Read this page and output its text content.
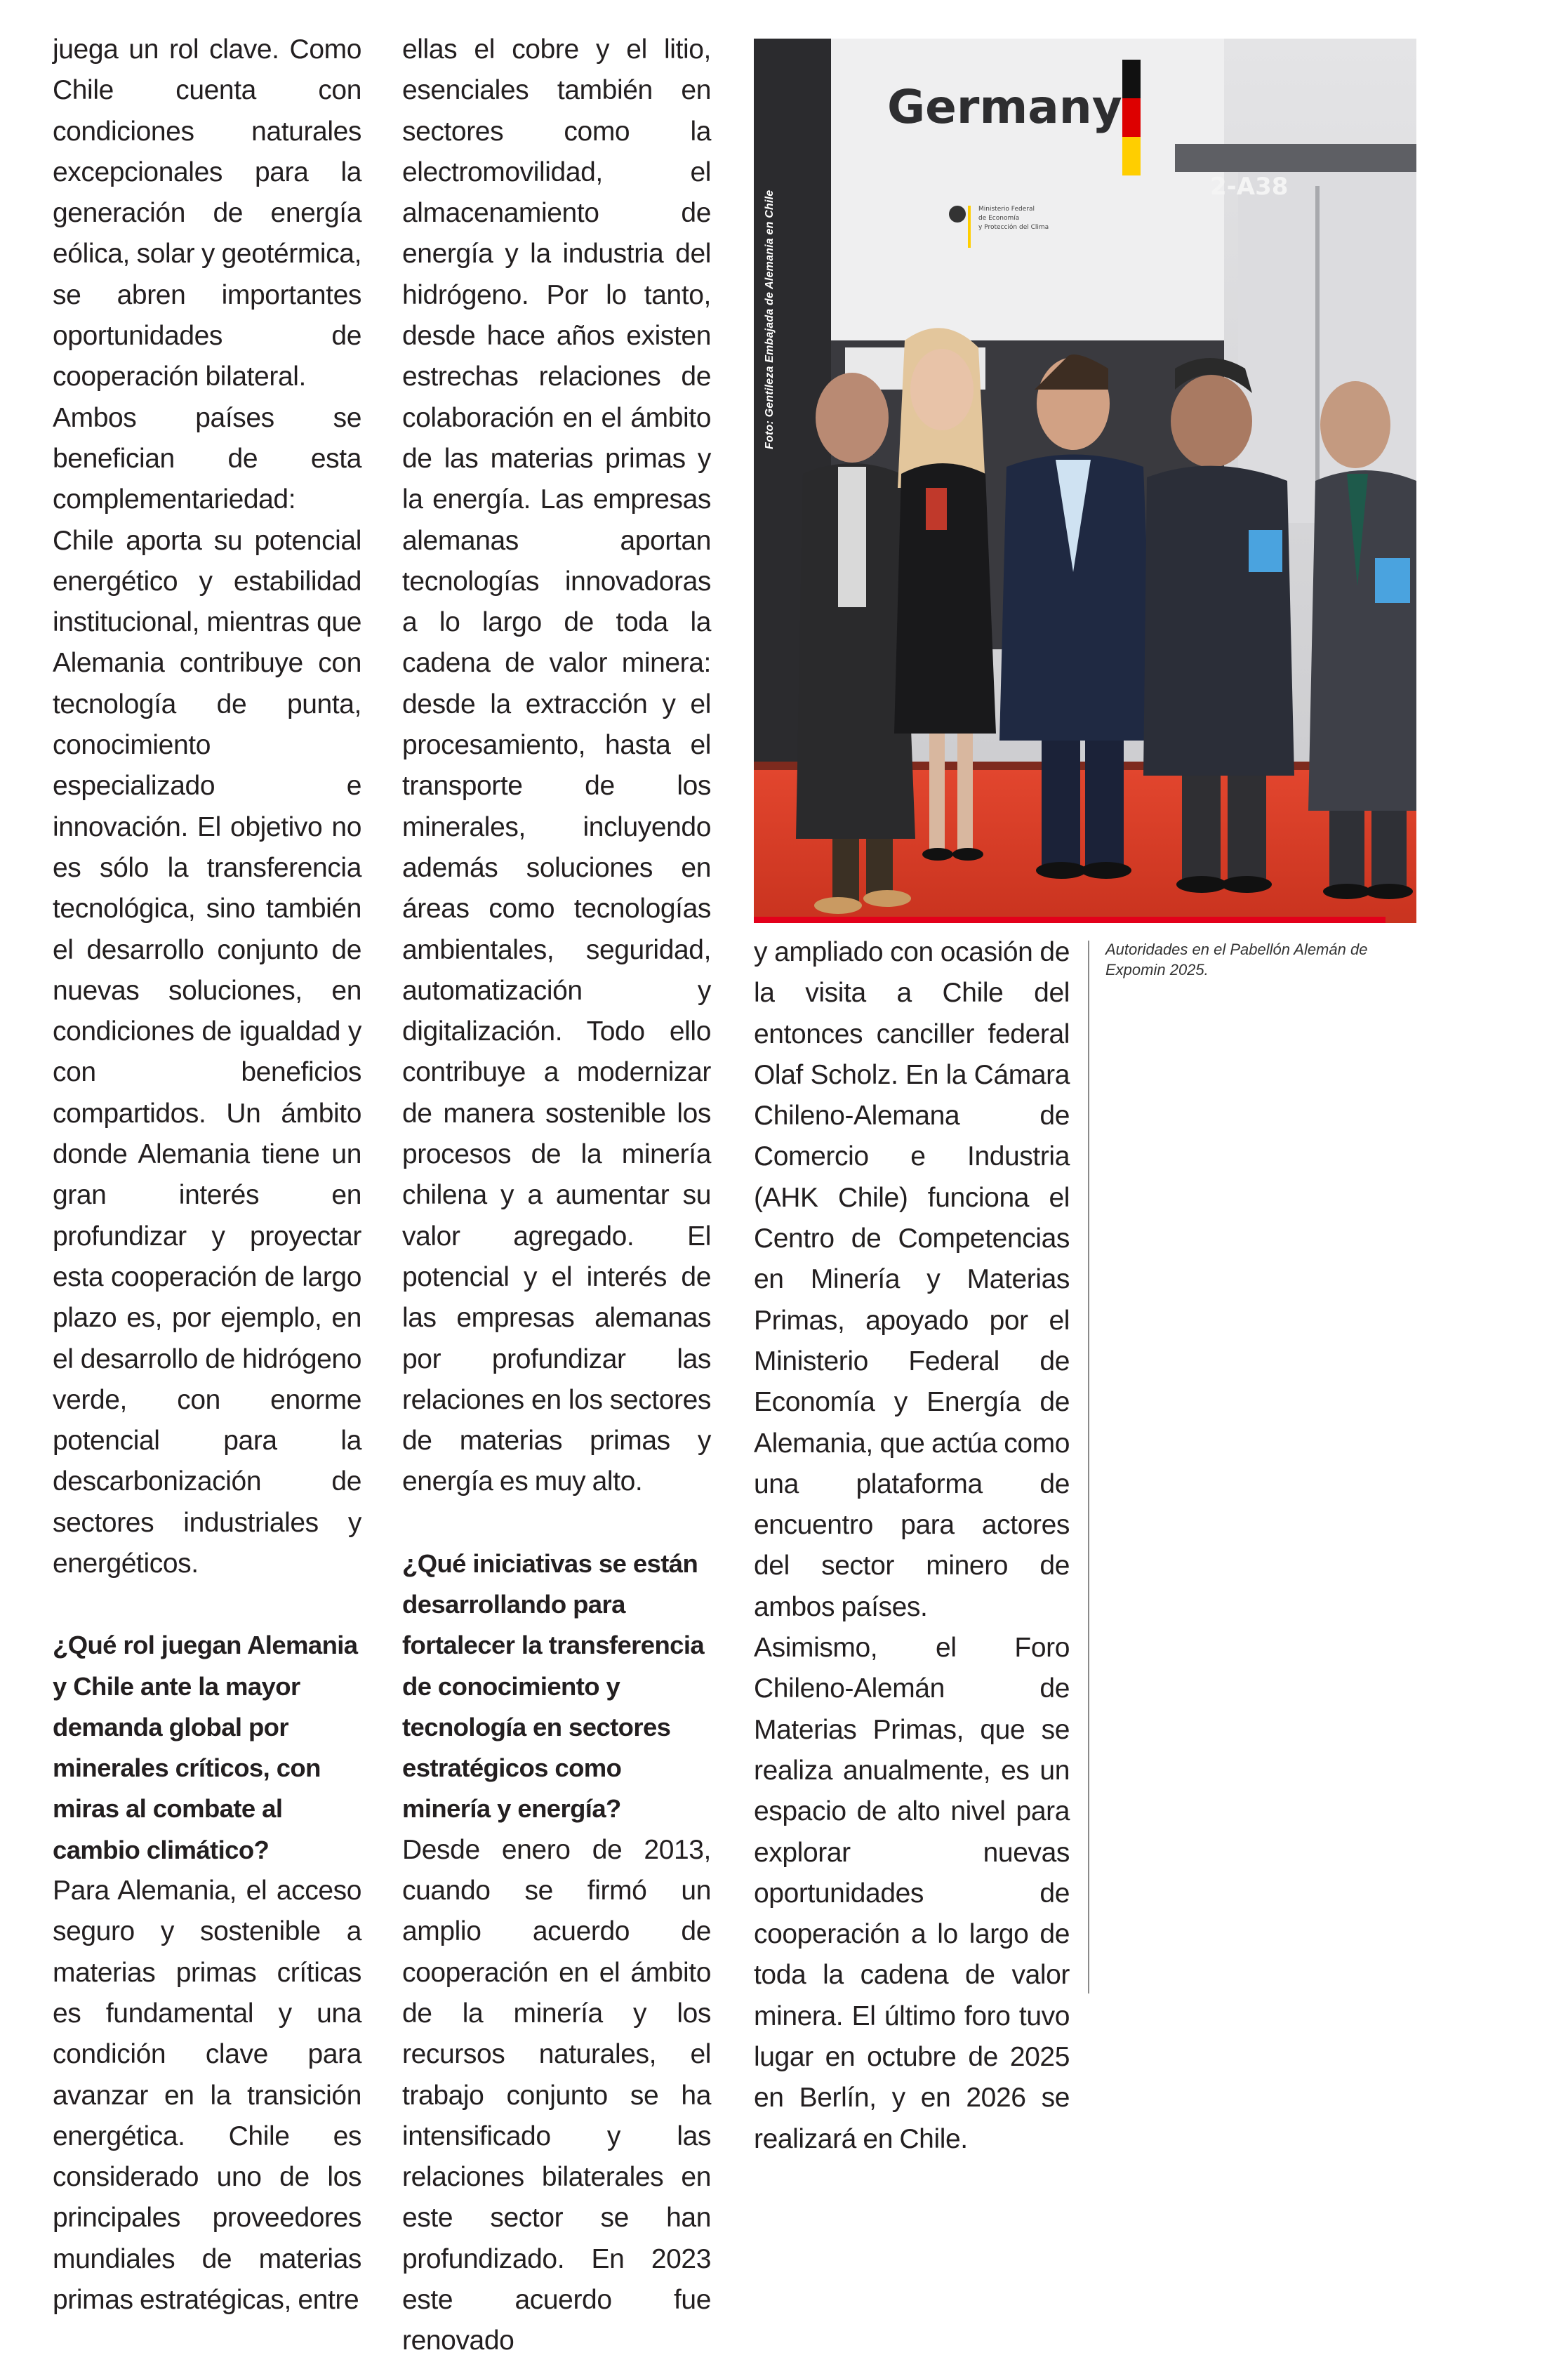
juega un rol clave. Como Chile cuenta con condiciones naturales excepcionales para la generación de energía eólica, solar y geotérmica, se abren importantes oportunidades de cooperación bilateral.

Ambos países se benefician de esta complementariedad: Chile aporta su potencial energético y estabilidad institucional, mientras que Alemania contribuye con tecnología de punta, conocimiento especializado e innovación. El objetivo no es sólo la transferencia tecnológica, sino también el desarrollo conjunto de nuevas soluciones, en condiciones de igualdad y con beneficios compartidos. Un ámbito donde Alemania tiene un gran interés en profundizar y proyectar esta cooperación de largo plazo es, por ejemplo, en el desarrollo de hidrógeno verde, con enorme potencial para la descarbonización de sectores industriales y energéticos.

¿Qué rol juegan Alemania y Chile ante la mayor demanda global por minerales críticos, con miras al combate al cambio climático?

Para Alemania, el acceso seguro y sostenible a materias primas críticas es fundamental y una condición clave para avanzar en la transición energética. Chile es considerado uno de los principales proveedores mundiales de materias primas estratégicas, entre

ellas el cobre y el litio, esenciales también en sectores como la electromovilidad, el almacenamiento de energía y la industria del hidrógeno. Por lo tanto, desde hace años existen estrechas relaciones de colaboración en el ámbito de las materias primas y la energía. Las empresas alemanas aportan tecnologías innovadoras a lo largo de toda la cadena de valor minera: desde la extracción y el procesamiento, hasta el transporte de los minerales, incluyendo además soluciones en áreas como tecnologías ambientales, seguridad, automatización y digitalización. Todo ello contribuye a modernizar de manera sostenible los procesos de la minería chilena y a aumentar su valor agregado. El potencial y el interés de las empresas alemanas por profundizar las relaciones en los sectores de materias primas y energía es muy alto.

¿Qué iniciativas se están desarrollando para fortalecer la transferencia de conocimiento y tecnología en sectores estratégicos como minería y energía?

Desde enero de 2013, cuando se firmó un amplio acuerdo de cooperación en el ámbito de la minería y los recursos naturales, el trabajo conjunto se ha intensificado y las relaciones bilaterales en este sector se han profundizado. En 2023 este acuerdo fue renovado

Germany
2-A38
Ministerio Federal
de Economía
y Protección del Clima
Foto: Gentileza Embajada de Alemania en Chile

y ampliado con ocasión de la visita a Chile del entonces canciller federal Olaf Scholz. En la Cámara Chileno-Alemana de Comercio e Industria (AHK Chile) funciona el Centro de Competencias en Minería y Materias Primas, apoyado por el Ministerio Federal de Economía y Energía de Alemania, que actúa como una plataforma de encuentro para actores del sector minero de ambos países.

Asimismo, el Foro Chileno-Alemán de Materias Primas, que se realiza anualmente, es un espacio de alto nivel para explorar nuevas oportunidades de cooperación a lo largo de toda la cadena de valor minera. El último foro tuvo lugar en octubre de 2025 en Berlín, y en 2026 se realizará en Chile.

Autoridades en el Pabellón Alemán de Expomin 2025.
